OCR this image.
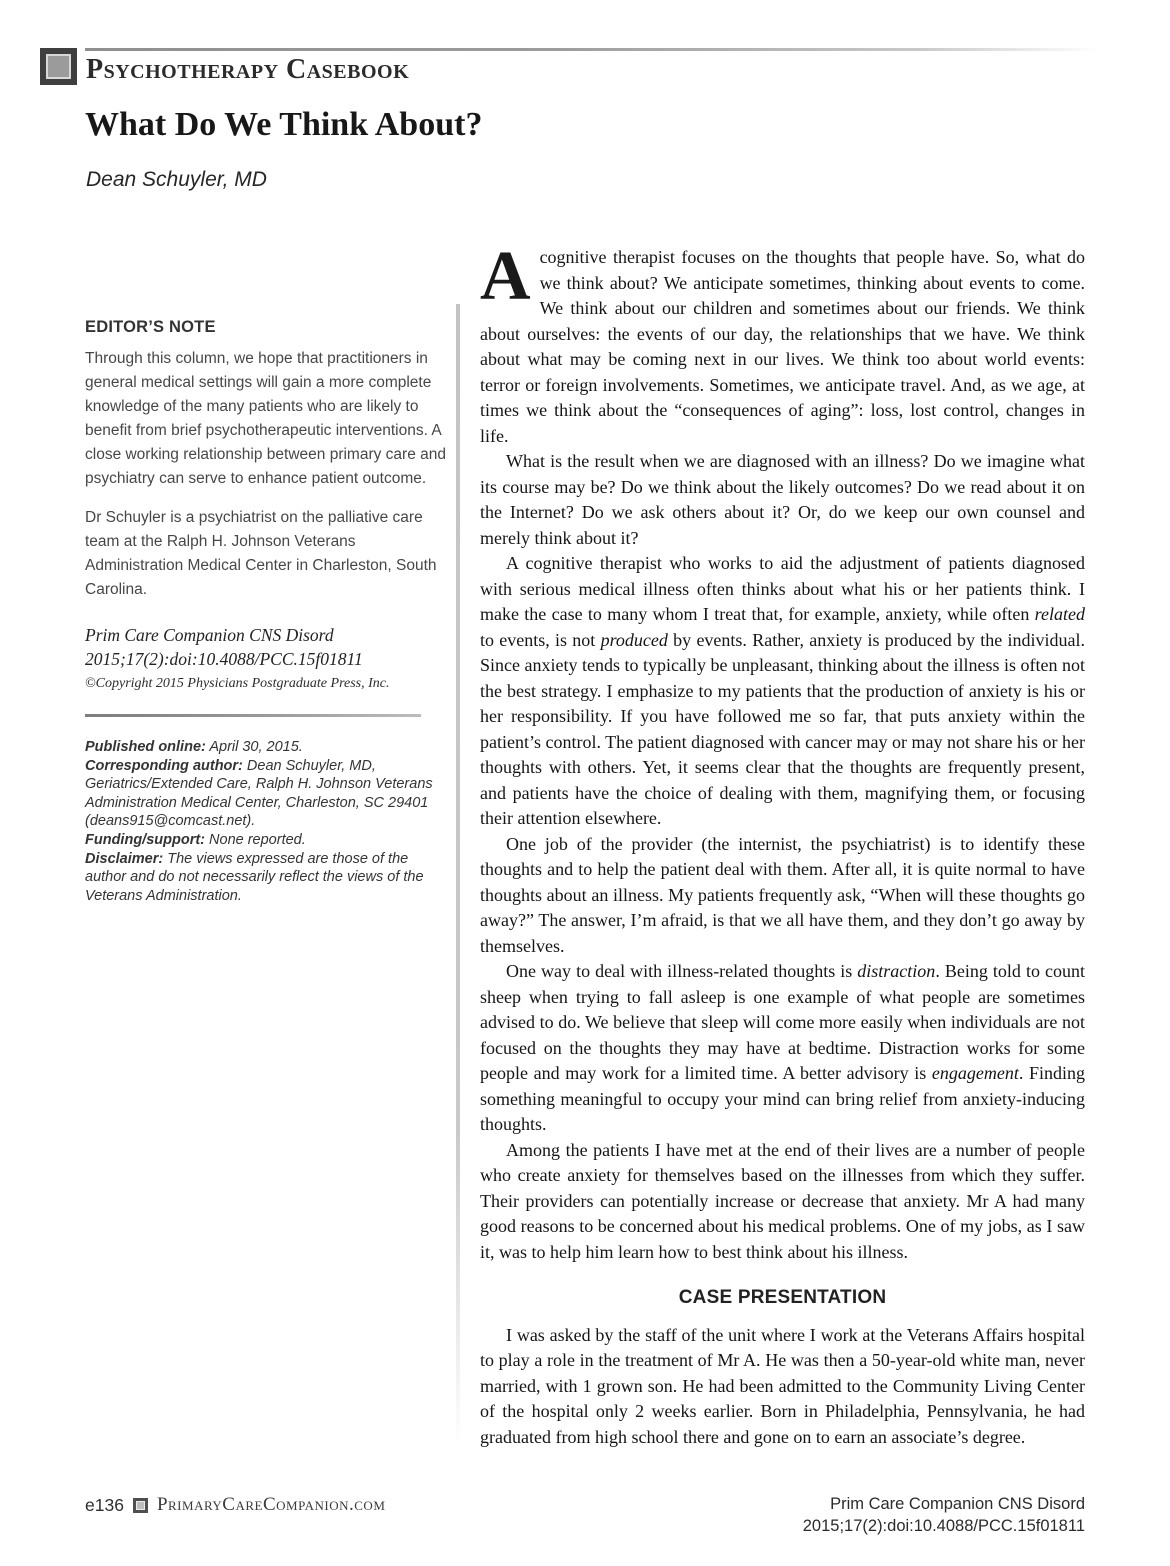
Psychotherapy Casebook
What Do We Think About?
Dean Schuyler, MD
EDITOR’S NOTE

Through this column, we hope that practitioners in general medical settings will gain a more complete knowledge of the many patients who are likely to benefit from brief psychotherapeutic interventions. A close working relationship between primary care and psychiatry can serve to enhance patient outcome.

Dr Schuyler is a psychiatrist on the palliative care team at the Ralph H. Johnson Veterans Administration Medical Center in Charleston, South Carolina.

Prim Care Companion CNS Disord 2015;17(2):doi:10.4088/PCC.15f01811

©Copyright 2015 Physicians Postgraduate Press, Inc.

Published online: April 30, 2015.

Corresponding author: Dean Schuyler, MD, Geriatrics/Extended Care, Ralph H. Johnson Veterans Administration Medical Center, Charleston, SC 29401 (deans915@comcast.net).

Funding/support: None reported.

Disclaimer: The views expressed are those of the author and do not necessarily reflect the views of the Veterans Administration.

Acognitive therapist focuses on the thoughts that people have. So, what do we think about? We anticipate sometimes, thinking about events to come. We think about our children and sometimes about our friends. We think about ourselves: the events of our day, the relationships that we have. We think about what may be coming next in our lives. We think too about world events: terror or foreign involvements. Sometimes, we anticipate travel. And, as we age, at times we think about the “consequences of aging”: loss, lost control, changes in life.

What is the result when we are diagnosed with an illness? Do we imagine what its course may be? Do we think about the likely outcomes? Do we read about it on the Internet? Do we ask others about it? Or, do we keep our own counsel and merely think about it?

A cognitive therapist who works to aid the adjustment of patients diagnosed with serious medical illness often thinks about what his or her patients think. I make the case to many whom I treat that, for example, anxiety, while often related to events, is not produced by events. Rather, anxiety is produced by the individual. Since anxiety tends to typically be unpleasant, thinking about the illness is often not the best strategy. I emphasize to my patients that the production of anxiety is his or her responsibility. If you have followed me so far, that puts anxiety within the patient’s control. The patient diagnosed with cancer may or may not share his or her thoughts with others. Yet, it seems clear that the thoughts are frequently present, and patients have the choice of dealing with them, magnifying them, or focusing their attention elsewhere.

One job of the provider (the internist, the psychiatrist) is to identify these thoughts and to help the patient deal with them. After all, it is quite normal to have thoughts about an illness. My patients frequently ask, “When will these thoughts go away?” The answer, I’m afraid, is that we all have them, and they don’t go away by themselves.

One way to deal with illness-related thoughts is distraction. Being told to count sheep when trying to fall asleep is one example of what people are sometimes advised to do. We believe that sleep will come more easily when individuals are not focused on the thoughts they may have at bedtime. Distraction works for some people and may work for a limited time. A better advisory is engagement. Finding something meaningful to occupy your mind can bring relief from anxiety-inducing thoughts.

Among the patients I have met at the end of their lives are a number of people who create anxiety for themselves based on the illnesses from which they suffer. Their providers can potentially increase or decrease that anxiety. Mr A had many good reasons to be concerned about his medical problems. One of my jobs, as I saw it, was to help him learn how to best think about his illness.

CASE PRESENTATION

I was asked by the staff of the unit where I work at the Veterans Affairs hospital to play a role in the treatment of Mr A. He was then a 50-year-old white man, never married, with 1 grown son. He had been admitted to the Community Living Center of the hospital only 2 weeks earlier. Born in Philadelphia, Pennsylvania, he had graduated from high school there and gone on to earn an associate’s degree.

e136 PrimaryCareCompanion.com	Prim Care Companion CNS Disord
2015;17(2):doi:10.4088/PCC.15f01811
